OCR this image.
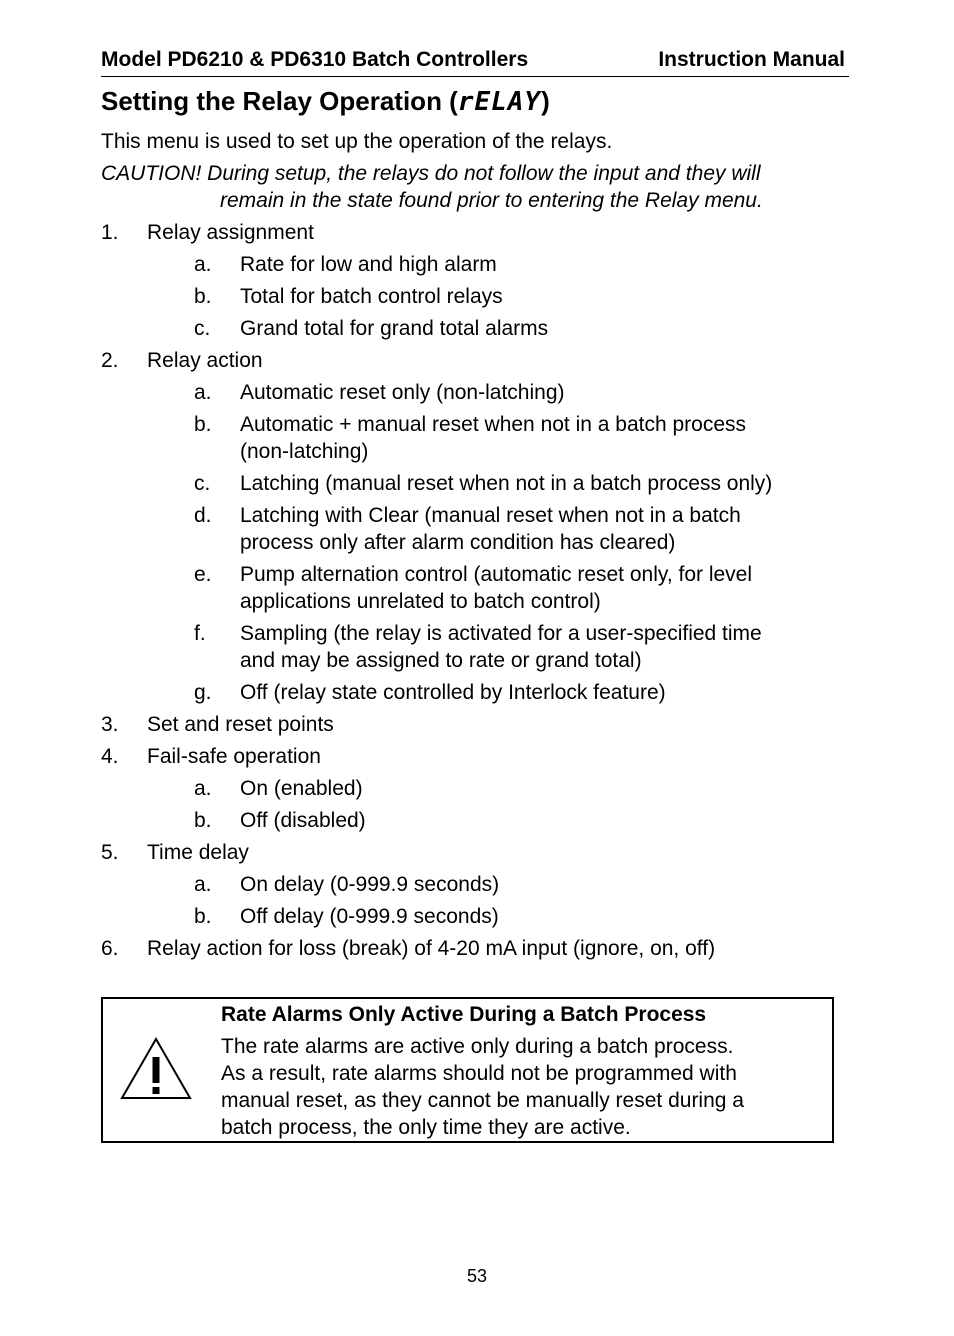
Model PD6210 & PD6310 Batch Controllers	Instruction Manual
Setting the Relay Operation (rELAY)
This menu is used to set up the operation of the relays.
CAUTION! During setup, the relays do not follow the input and they will
remain in the state found prior to entering the Relay menu.
1. Relay assignment
a. Rate for low and high alarm
b. Total for batch control relays
c. Grand total for grand total alarms
2. Relay action
a. Automatic reset only (non-latching)
b. Automatic + manual reset when not in a batch process
(non-latching)
c. Latching (manual reset when not in a batch process only)
d. Latching with Clear (manual reset when not in a batch
process only after alarm condition has cleared)
e. Pump alternation control (automatic reset only, for level
applications unrelated to batch control)
f. Sampling (the relay is activated for a user-specified time
and may be assigned to rate or grand total)
g. Off (relay state controlled by Interlock feature)
3. Set and reset points
4. Fail-safe operation
a. On (enabled)
b. Off (disabled)
5. Time delay
a. On delay (0-999.9 seconds)
b. Off delay (0-999.9 seconds)
6. Relay action for loss (break) of 4-20 mA input (ignore, on, off)
Rate Alarms Only Active During a Batch Process
The rate alarms are active only during a batch process.
As a result, rate alarms should not be programmed with
manual reset, as they cannot be manually reset during a
batch process, the only time they are active.
53
